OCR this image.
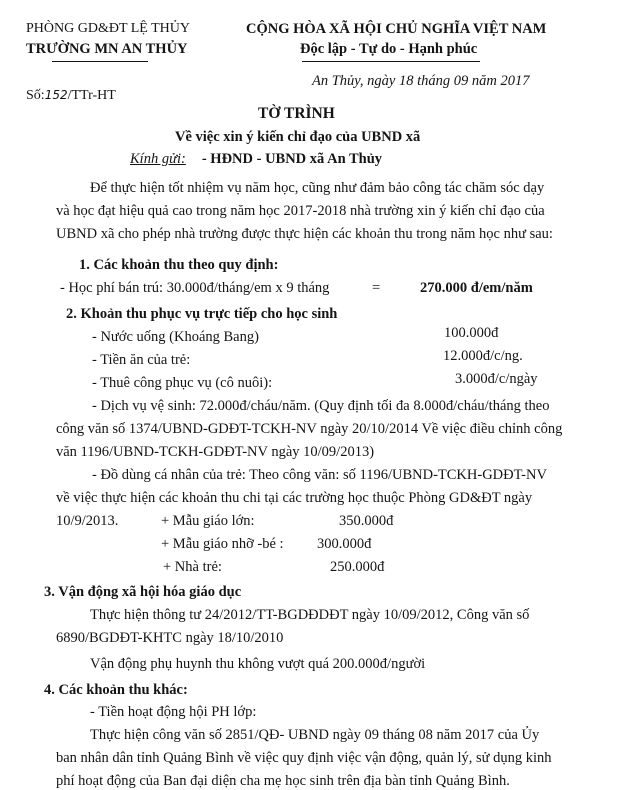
PHÒNG GD&ĐT LỆ THỦY
TRƯỜNG MN AN THỦY
CỘNG HÒA XÃ HỘI CHỦ NGHĨA VIỆT NAM
Độc lập - Tự do - Hạnh phúc
Số:152/TTr-HT
An Thủy, ngày 18 tháng 09 năm 2017
TỜ TRÌNH
Về việc xin ý kiến chỉ đạo của UBND xã
Kính gửi: - HĐND - UBND xã An Thủy
Để thực hiện tốt nhiệm vụ năm học, cũng như đảm bảo công tác chăm sóc dạy
và học đạt hiệu quả cao trong năm học 2017-2018 nhà trường xin ý kiến chỉ đạo của
UBND xã cho phép nhà trường được thực hiện các khoản thu trong năm học như sau:
1. Các khoản thu theo quy định:
- Học phí bán trú: 30.000đ/tháng/em x 9 tháng	=	270.000 đ/em/năm
2. Khoản thu phục vụ trực tiếp cho học sinh
- Nước uống (Khoáng Bang)	100.000đ
- Tiền ăn của trẻ:	12.000đ/c/ng.
- Thuê công phục vụ (cô nuôi):	3.000đ/c/ngày
- Dịch vụ vệ sinh: 72.000đ/cháu/năm. (Quy định tối đa 8.000đ/cháu/tháng theo
công văn số 1374/UBND-GDĐT-TCKH-NV ngày 20/10/2014 Về việc điều chỉnh công
văn 1196/UBND-TCKH-GDĐT-NV ngày 10/09/2013)
- Đồ dùng cá nhân của trẻ: Theo công văn: số 1196/UBND-TCKH-GDĐT-NV
về việc thực hiện các khoản thu chi tại các trường học thuộc Phòng GD&ĐT ngày
10/9/2013.	+ Mẫu giáo lớn:	350.000đ
+ Mẫu giáo nhỡ -bé : 300.000đ
+ Nhà trẻ:	250.000đ
3. Vận động xã hội hóa giáo dục
Thực hiện thông tư 24/2012/TT-BGDĐDĐT ngày 10/09/2012, Công văn số
6890/BGDĐT-KHTC ngày 18/10/2010
Vận động phụ huynh thu không vượt quá 200.000đ/người
4. Các khoản thu khác:
- Tiền hoạt động hội PH lớp:
Thực hiện công văn số 2851/QĐ- UBND ngày 09 tháng 08 năm 2017 của Ủy
ban nhân dân tỉnh Quảng Bình về việc quy định việc vận động, quản lý, sử dụng kinh
phí hoạt động của Ban đại diện cha mẹ học sinh trên địa bàn tỉnh Quảng Bình.
